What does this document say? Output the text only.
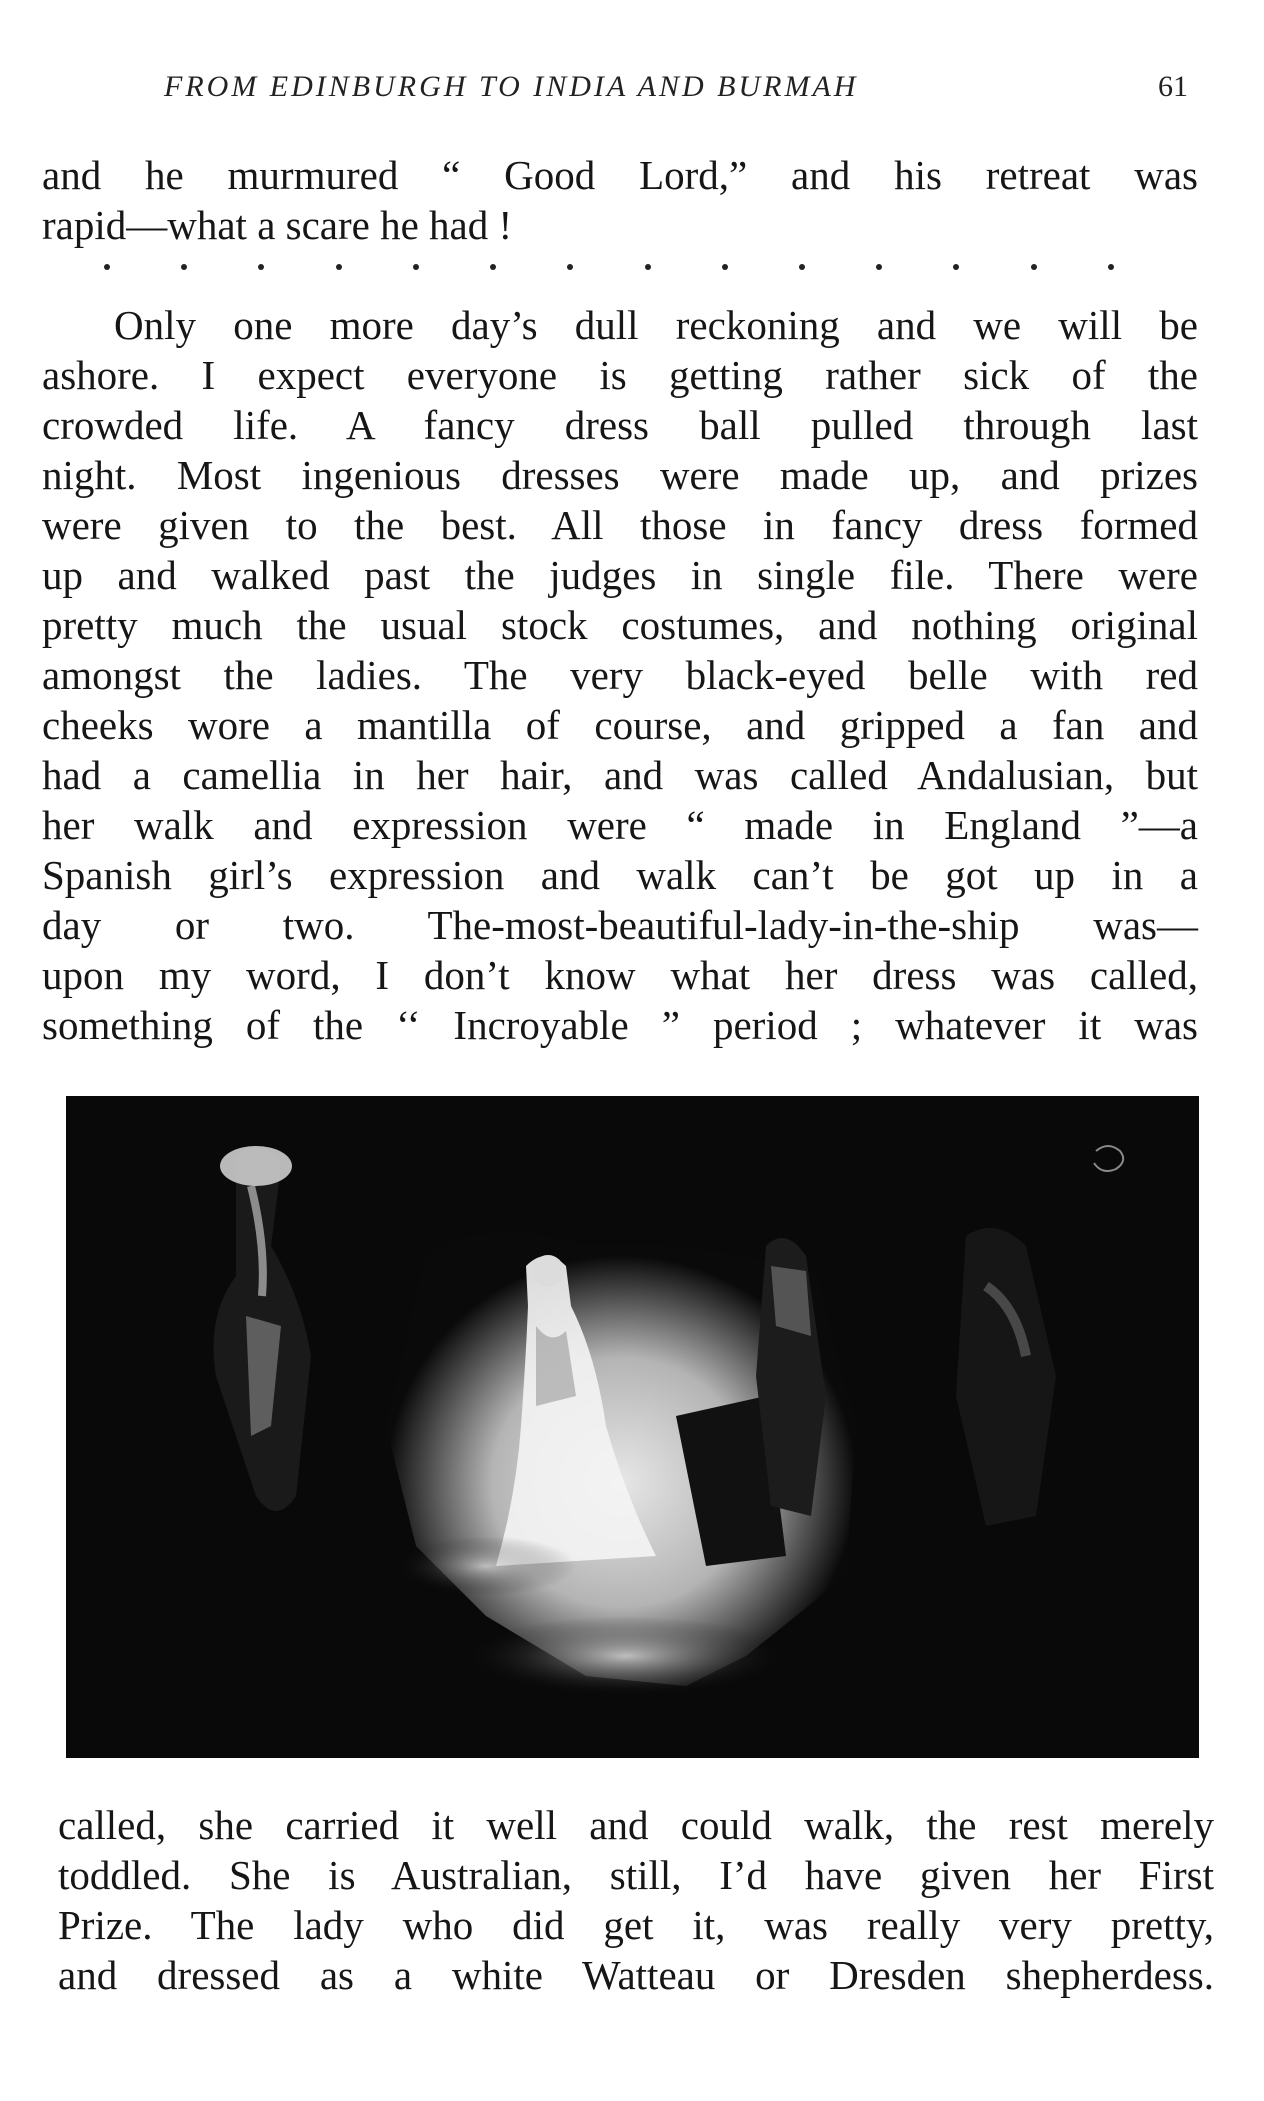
FROM EDINBURGH TO INDIA AND BURMAH	61
and he murmured “ Good Lord,” and his retreat was
rapid—what a scare he had !
Only one more day’s dull reckoning and we will be
ashore. I expect everyone is getting rather sick of the
crowded life. A fancy dress ball pulled through last
night. Most ingenious dresses were made up, and prizes
were given to the best. All those in fancy dress formed
up and walked past the judges in single file. There were
pretty much the usual stock costumes, and nothing original
amongst the ladies. The very black-eyed belle with red
cheeks wore a mantilla of course, and gripped a fan and
had a camellia in her hair, and was called Andalusian, but
her walk and expression were “ made in England ”—a
Spanish girl’s expression and walk can’t be got up in a
day or two. The-most-beautiful-lady-in-the-ship was—
upon my word, I don’t know what her dress was called,
something of the ‘‘ Incroyable ” period ; whatever it was
called, she carried it well and could walk, the rest merely
toddled. She is Australian, still, I’d have given her First
Prize. The lady who did get it, was really very pretty,
and dressed as a white Watteau or Dresden shepherdess.
